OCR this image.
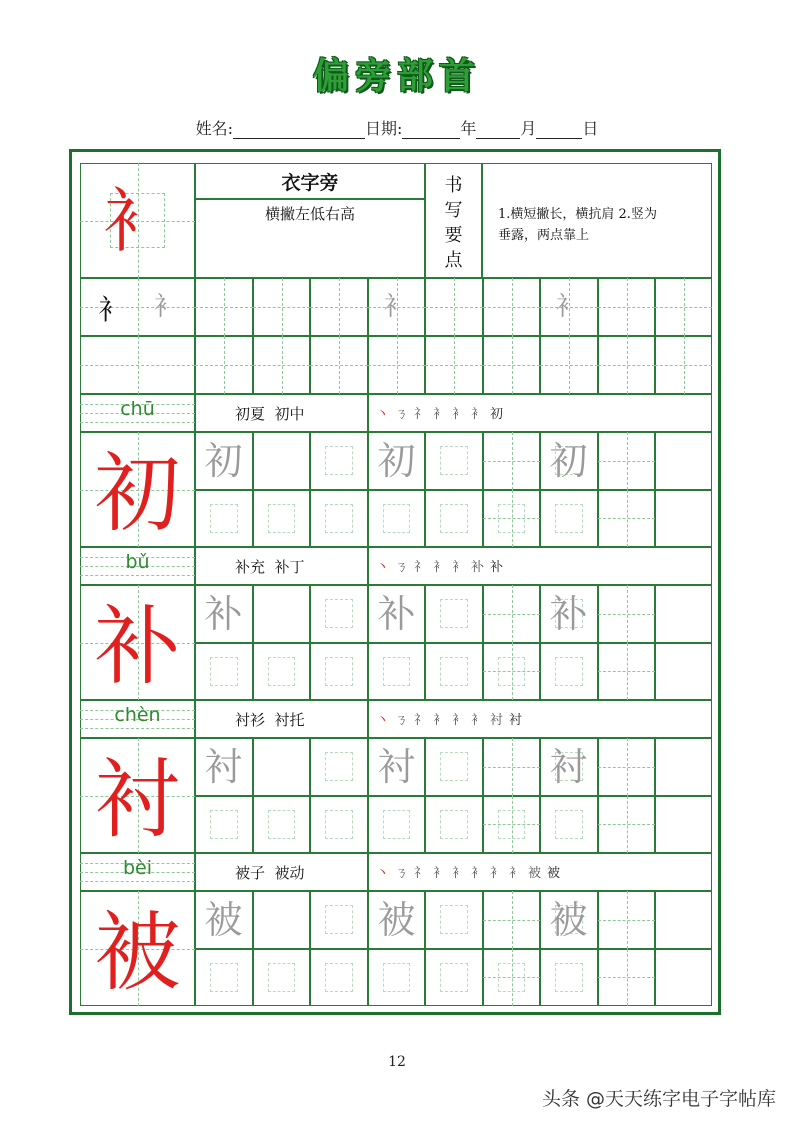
偏旁部首
姓名:	日期:	年	月	日
衤	衣字旁
横撇左低右高
书
写
要
点
1.横短撇长，横抗肩 2.竖为
垂露，两点靠上
衤	衤	衤	衤
chū	初夏  初中	丶 ㄋ 礻 衤 衤 衤 初
初 初	初	初
bǔ	补充  补丁	丶 ㄋ 礻 衤 衤 补 补
补 补	补	补
chèn	衬衫  衬托	丶 ㄋ 礻 衤 衤 衤 衬 衬
衬 衬	衬	衬
bèi	被子  被动	丶 ㄋ 礻 衤 衤 衤 衤 衤 被 被
被 被	被	被
12
头条 @天天练字电子字帖库
